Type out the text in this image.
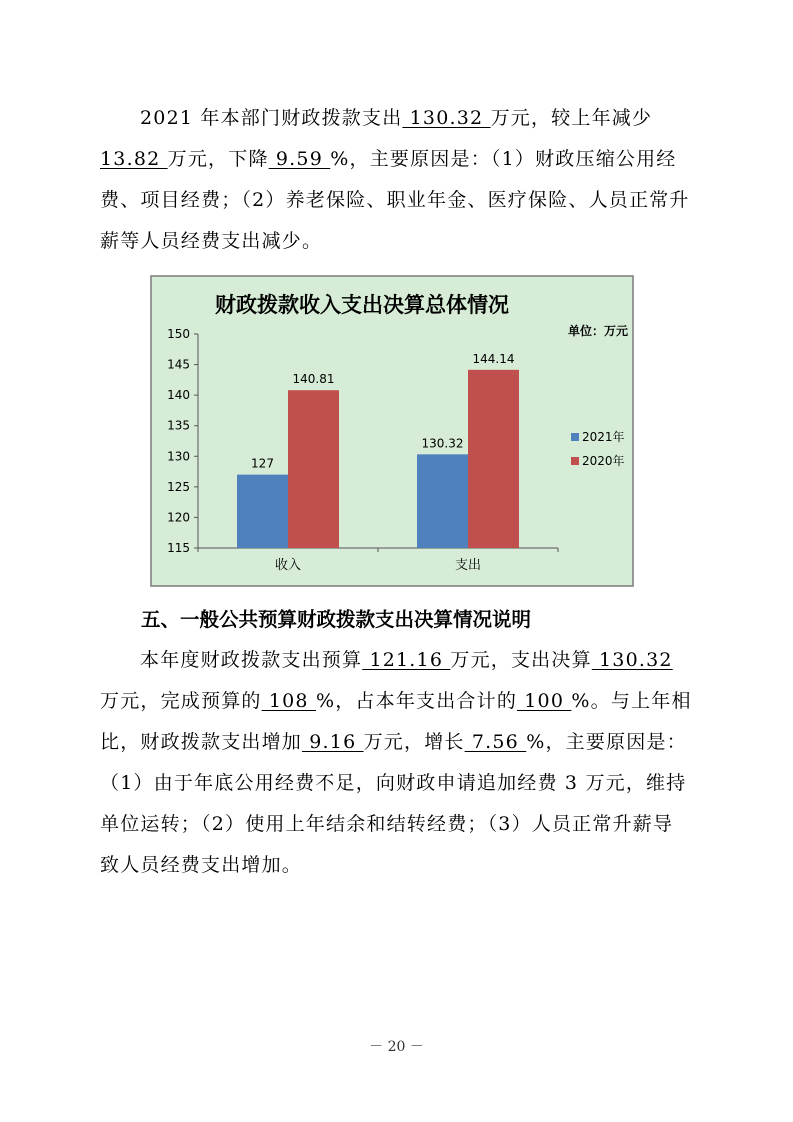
2021 年本部门财政拨款支出 130.32 万元，较上年减少 13.82 万元，下降 9.59 %，主要原因是：（1）财政压缩公用经费、项目经费；（2）养老保险、职业年金、医疗保险、人员正常升薪等人员经费支出减少。

财政拨款收入支出决算总体情况
单位：万元
115
120
125
130
135
140
145
150
收入
127
140.81
支出
130.32
144.14
2021年
2020年

五、一般公共预算财政拨款支出决算情况说明

本年度财政拨款支出预算 121.16 万元，支出决算 130.32 万元，完成预算的 108 %，占本年支出合计的 100 %。与上年相比，财政拨款支出增加 9.16 万元，增长 7.56 %，主要原因是：（1）由于年底公用经费不足，向财政申请追加经费 3 万元，维持单位运转；（2）使用上年结余和结转经费；（3）人员正常升薪导致人员经费支出增加。

－ 20 －
